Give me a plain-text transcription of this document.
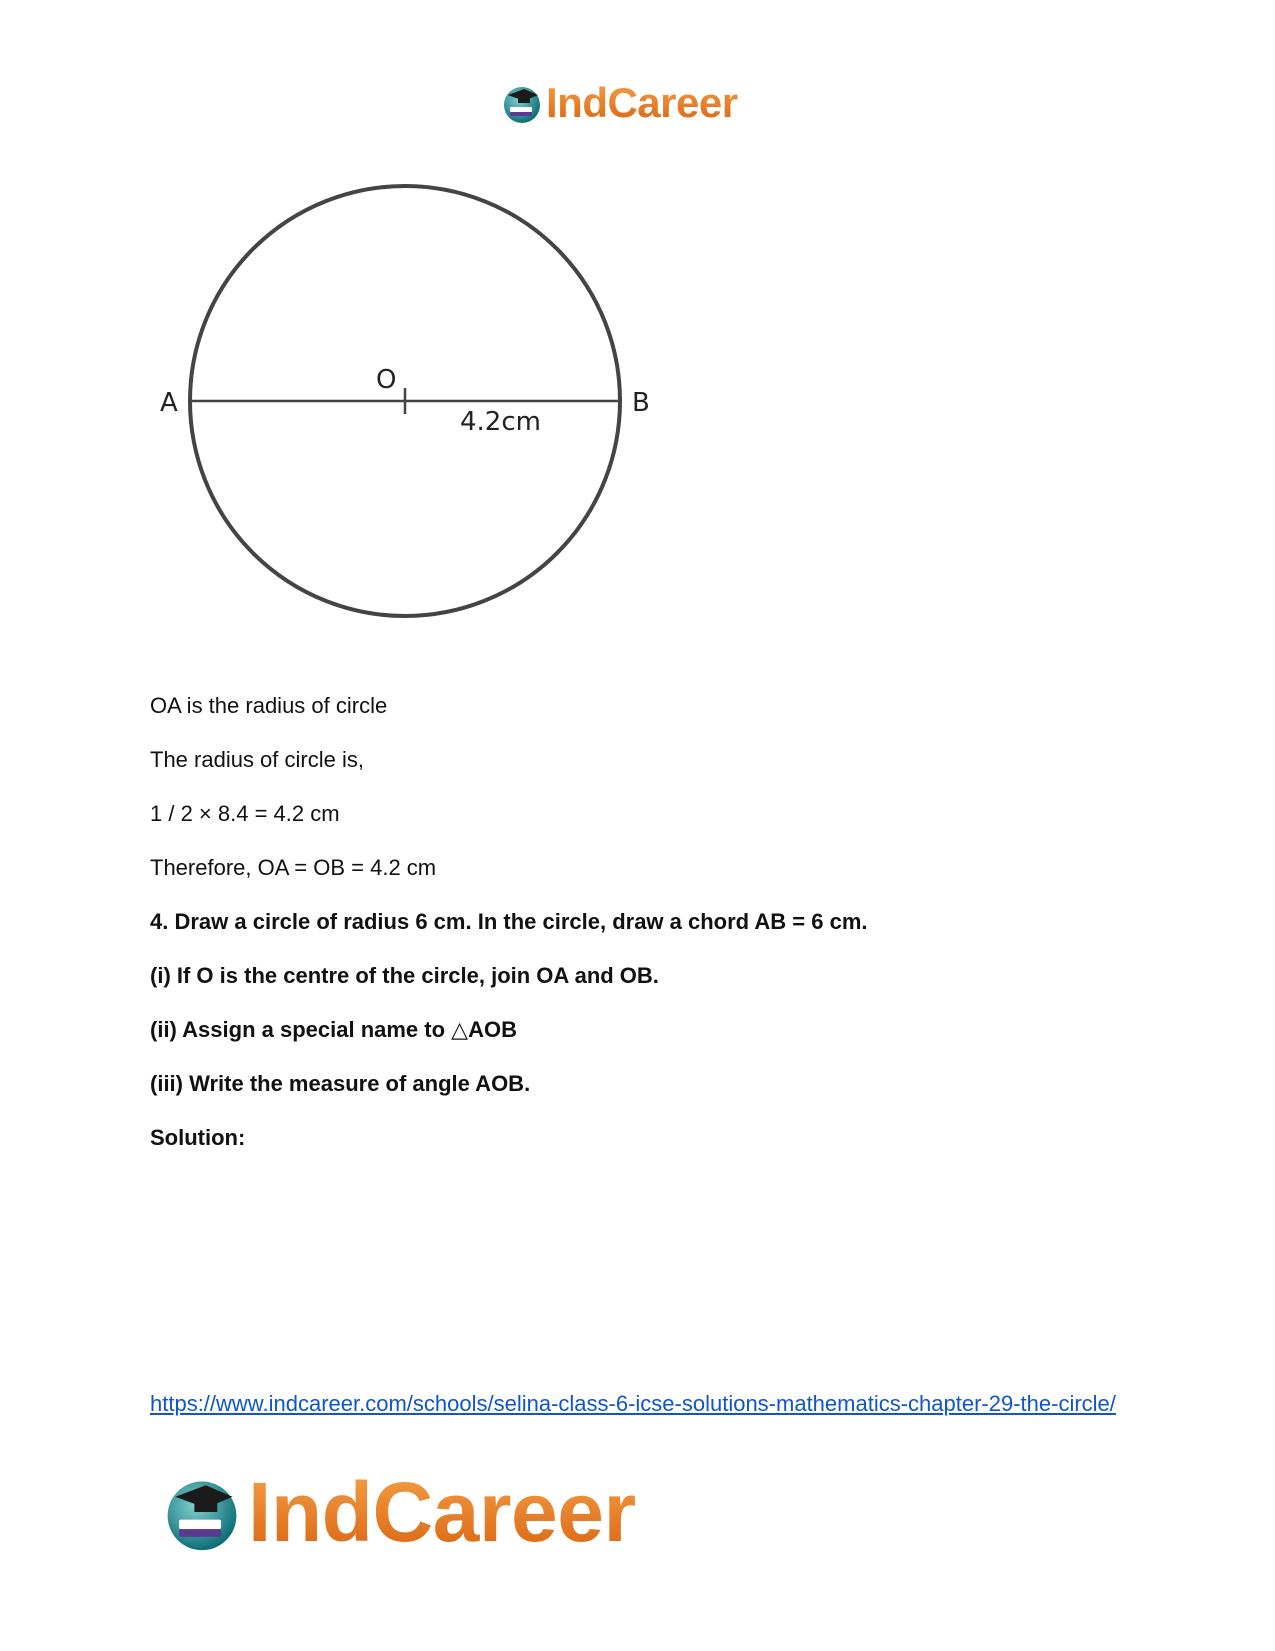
IndCareer
A	B
O
4.2cm
OA is the radius of circle
The radius of circle is,
1 / 2 × 8.4 = 4.2 cm
Therefore, OA = OB = 4.2 cm
4. Draw a circle of radius 6 cm. In the circle, draw a chord AB = 6 cm.
(i) If O is the centre of the circle, join OA and OB.
(ii) Assign a special name to △AOB
(iii) Write the measure of angle AOB.
Solution:
https://www.indcareer.com/schools/selina-class-6-icse-solutions-mathematics-chapter-29-the-circle/
IndCareer
